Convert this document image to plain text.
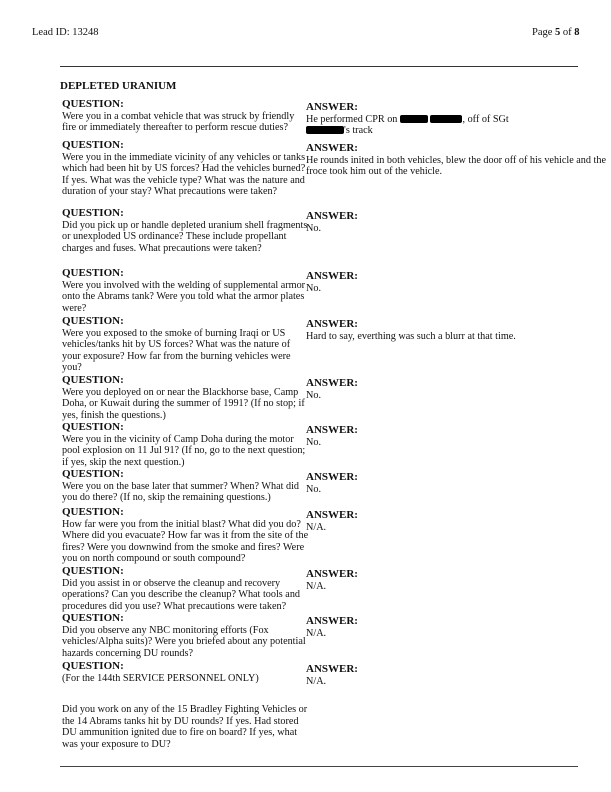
Lead ID: 13248	Page 5 of 8
DEPLETED URANIUM
QUESTION:
Were you in a combat vehicle that was struck by friendly fire or immediately thereafter to perform rescue duties?
ANSWER:
He performed CPR on	, off of SGt
's track
QUESTION:
Were you in the immediate vicinity of any vehicles or tanks which had been hit by US forces? Had the vehicles burned? If yes. What was the vehicle type? What was the nature and duration of your stay? What precautions were taken?
ANSWER:
He rounds inited in both vehicles, blew the door off of his vehicle and the froce took him out of the vehicle.
QUESTION:
Did you pick up or handle depleted uranium shell fragments or unexploded US ordinance? These include propellant charges and fuses. What precautions were taken?
ANSWER:
No.
QUESTION:
Were you involved with the welding of supplemental armor onto the Abrams tank? Were you told what the armor plates were?
ANSWER:
No.
QUESTION:
Were you exposed to the smoke of burning Iraqi or US vehicles/tanks hit by US forces? What was the nature of your exposure? How far from the burning vehicles were you?
ANSWER:
Hard to say, everthing was such a blurr at that time.
QUESTION:
Were you deployed on or near the Blackhorse base, Camp Doha, or Kuwait during the summer of 1991? (If no stop; if yes, finish the questions.)
ANSWER:
No.
QUESTION:
Were you in the vicinity of Camp Doha during the motor pool explosion on 11 Jul 91? (If no, go to the next question; if yes, skip the next question.)
ANSWER:
No.
QUESTION:
Were you on the base later that summer? When? What did you do there? (If no, skip the remaining questions.)
ANSWER:
No.
QUESTION:
How far were you from the initial blast? What did you do? Where did you evacuate? How far was it from the site of the fires? Were you downwind from the smoke and fires? Were you on north compound or south compound?
ANSWER:
N/A.
QUESTION:
Did you assist in or observe the cleanup and recovery operations? Can you describe the cleanup? What tools and procedures did you use? What precautions were taken?
ANSWER:
N/A.
QUESTION:
Did you observe any NBC monitoring efforts (Fox vehicles/Alpha suits)? Were you briefed about any potential hazards concerning DU rounds?
ANSWER:
N/A.
QUESTION:
(For the 144th SERVICE PERSONNEL ONLY)
ANSWER:
N/A.
Did you work on any of the 15 Bradley Fighting Vehicles or the 14 Abrams tanks hit by DU rounds? If yes. Had stored DU ammunition ignited due to fire on board? If yes, what was your exposure to DU?
